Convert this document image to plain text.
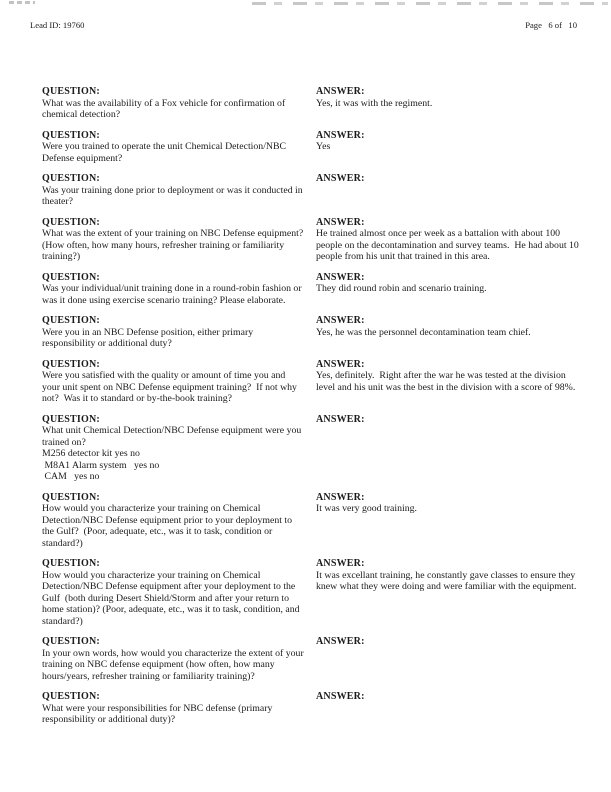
Lead ID: 19760

	Page   6 of   10

QUESTION:
What was the availability of a Fox vehicle for confirmation of chemical detection?
ANSWER:
Yes, it was with the regiment.
QUESTION:
Were you trained to operate the unit Chemical Detection/NBC Defense equipment?
ANSWER:
Yes
QUESTION:
Was your training done prior to deployment or was it conducted in theater?
ANSWER:
QUESTION:
What was the extent of your training on NBC Defense equipment?  (How often, how many hours, refresher training or familiarity training?)
ANSWER:
He trained almost once per week as a battalion with about 100 people on the decontamination and survey teams.  He had about 10 people from his unit that trained in this area.
QUESTION:
Was your individual/unit training done in a round-robin fashion or was it done using exercise scenario training? Please elaborate.
ANSWER:
They did round robin and scenario training.
QUESTION:
Were you in an NBC Defense position, either primary responsibility or additional duty?
ANSWER:
Yes, he was the personnel decontamination team chief.
QUESTION:
Were you satisfied with the quality or amount of time you and your unit spent on NBC Defense equipment training?  If not why not?  Was it to standard or by-the-book training?
ANSWER:
Yes, definitely.  Right after the war he was tested at the division level and his unit was the best in the division with a score of 98%.
QUESTION:
What unit Chemical Detection/NBC Defense equipment were you trained on?
M256 detector kit yes no
M8A1 Alarm system   yes no
CAM   yes no
ANSWER:
QUESTION:
How would you characterize your training on Chemical Detection/NBC Defense equipment prior to your deployment to the Gulf?  (Poor, adequate, etc., was it to task, condition or standard?)
ANSWER:
It was very good training.
QUESTION:
How would you characterize your training on Chemical Detection/NBC Defense equipment after your deployment to the Gulf  (both during Desert Shield/Storm and after your return to home station)? (Poor, adequate, etc., was it to task, condition, and standard?)
ANSWER:
It was excellant training, he constantly gave classes to ensure they knew what they were doing and were familiar with the equipment.
QUESTION:
In your own words, how would you characterize the extent of your training on NBC defense equipment (how often, how many hours/years, refresher training or familiarity training)?
ANSWER:
QUESTION:
What were your responsibilities for NBC defense (primary responsibility or additional duty)?
ANSWER:
